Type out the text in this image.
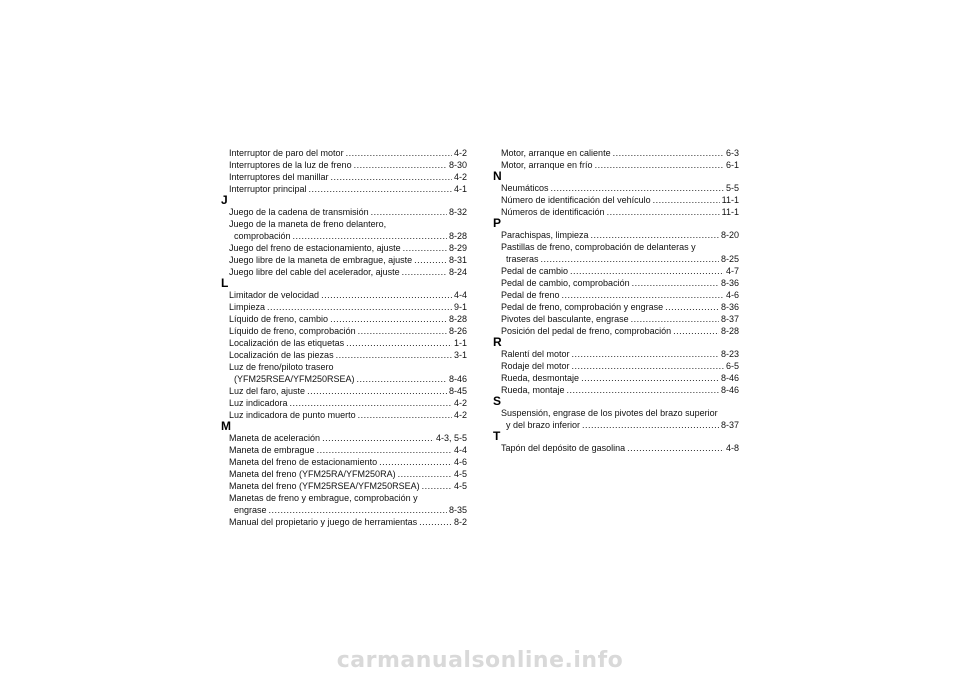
Interruptor de paro del motor .....	4-2
Interruptores de la luz de freno .....	8-30
Interruptores del manillar .....	4-2
Interruptor principal .....	4-1
J
Juego de la cadena de transmisión .....	8-32
Juego de la maneta de freno delantero,
comprobación .....	8-28
Juego del freno de estacionamiento, ajuste .....	8-29
Juego libre de la maneta de embrague, ajuste .....	8-31
Juego libre del cable del acelerador, ajuste .....	8-24
L
Limitador de velocidad .....	4-4
Limpieza .....	9-1
Líquido de freno, cambio .....	8-28
Líquido de freno, comprobación .....	8-26
Localización de las etiquetas .....	1-1
Localización de las piezas .....	3-1
Luz de freno/piloto trasero
(YFM25RSEA/YFM250RSEA) .....	8-46
Luz del faro, ajuste .....	8-45
Luz indicadora .....	4-2
Luz indicadora de punto muerto .....	4-2
M
Maneta de aceleración .....	4-3, 5-5
Maneta de embrague .....	4-4
Maneta del freno de estacionamiento .....	4-6
Maneta del freno (YFM25RA/YFM250RA) .....	4-5
Maneta del freno (YFM25RSEA/YFM250RSEA) .....	4-5
Manetas de freno y embrague, comprobación y
engrase .....	8-35
Manual del propietario y juego de herramientas .....	8-2
Motor, arranque en caliente .....	6-3
Motor, arranque en frío .....	6-1
N
Neumáticos .....	5-5
Número de identificación del vehículo .....	11-1
Números de identificación .....	11-1
P
Parachispas, limpieza .....	8-20
Pastillas de freno, comprobación de delanteras y
traseras .....	8-25
Pedal de cambio .....	4-7
Pedal de cambio, comprobación .....	8-36
Pedal de freno .....	4-6
Pedal de freno, comprobación y engrase .....	8-36
Pivotes del basculante, engrase .....	8-37
Posición del pedal de freno, comprobación .....	8-28
R
Ralentí del motor .....	8-23
Rodaje del motor .....	6-5
Rueda, desmontaje .....	8-46
Rueda, montaje .....	8-46
S
Suspensión, engrase de los pivotes del brazo superior
y del brazo inferior .....	8-37
T
Tapón del depósito de gasolina .....	4-8
carmanualsonline.info
